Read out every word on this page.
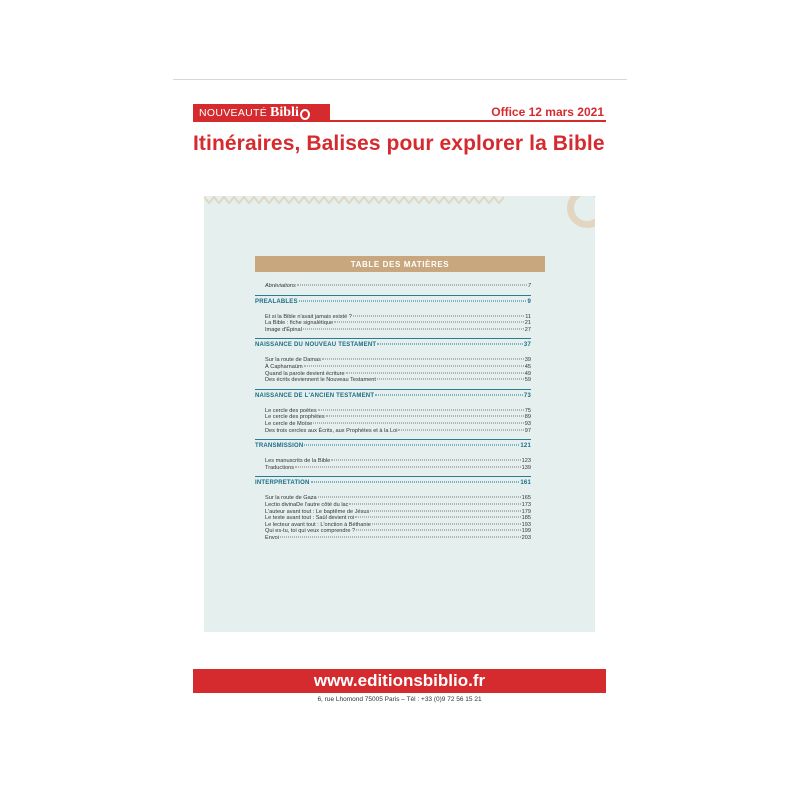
NOUVEAUTÉ Bibli	Office 12 mars 2021
Itinéraires, Balises pour explorer la Bible
TABLE DES MATIÈRES
Abréviations	7
PREALABLES	9
Et si la Bible n'avait jamais existé ?	11
La Bible : fiche signalétique	21
Image d'Épinal	27
NAISSANCE DU NOUVEAU TESTAMENT	37
Sur la route de Damas	39
À Capharnaüm	45
Quand la parole devient écriture	49
Des écrits deviennent le Nouveau Testament	59
NAISSANCE DE L'ANCIEN TESTAMENT	73
Le cercle des poètes	75
Le cercle des prophètes	89
Le cercle de Moïse	93
Des trois cercles aux Écrits, aux Prophètes et à la Loi	97
TRANSMISSION	121
Les manuscrits de la Bible	123
Traductions	139
INTERPRETATION	161
Sur la route de Gaza	165
Lectio divinaDe l'autre côté du lac	173
L'auteur avant tout : Le baptême de Jésus	179
Le texte avant tout : Saül devient roi	185
Le lecteur avant tout : L'onction à Béthanie	193
Qui es-tu, toi qui veux comprendre ?	199
Envoi	203
www.editionsbiblio.fr
6, rue Lhomond 75005 Paris – Tél : +33 (0)9 72 56 15 21
